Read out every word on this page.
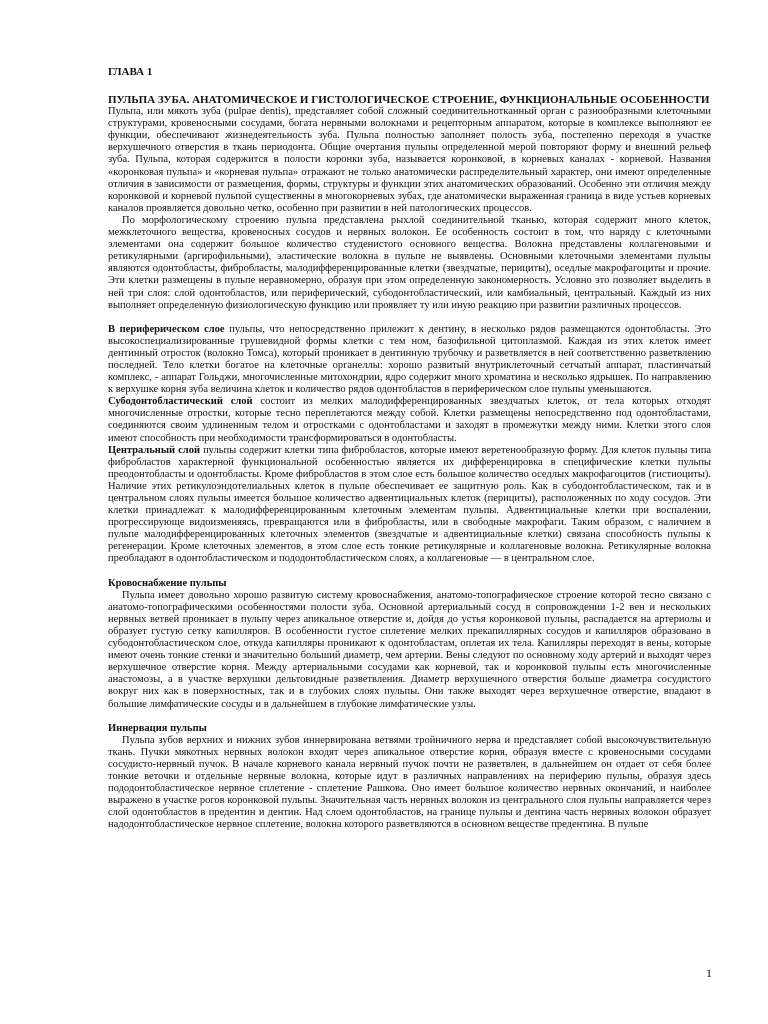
ГЛАВА 1
ПУЛЬПА ЗУБА. АНАТОМИЧЕСКОЕ И ГИСТОЛОГИЧЕСКОЕ СТРОЕНИЕ, ФУНКЦИОНАЛЬНЫЕ ОСОБЕННОСТИ

Пульпа, или мякоть зуба (pulpae dentis), представляет собой сложный соединительнотканный орган с разнообразными клеточными структурами, кровеносными сосудами, богата нервными волокнами и рецепторным аппаратом, которые в комплексе выполняют ее функции, обеспечивают жизнедеятельность зуба. Пульпа полностью заполняет полость зуба, постепенно переходя в участке верхушечного отверстия в ткань периодонта. Общие очертания пульпы определенной мерой повторяют форму и внешний рельеф зуба. Пульпа, которая содержится в полости коронки зуба, называется коронковой, в корневых каналах - корневой. Названия «коронковая пульпа» и «корневая пульпа» отражают не только анатомически распределительный характер, они имеют определенные отличия в зависимости от размещения, формы, структуры и функции этих анатомических образований. Особенно эти отличия между коронковой и корневой пульпой существенны в многокорневых зубах, где анатомически выраженная граница в виде устьев корневых каналов проявляется довольно четко, особенно при развитии в ней патологических процессов.

По морфологическому строению пульпа представлена рыхлой соединительной тканью, которая содержит много клеток, межклеточного вещества, кровеносных сосудов и нервных волокон. Ее особенность состоит в том, что наряду с клеточными элементами она содержит большое количество студенистого основного вещества. Волокна представлены коллагеновыми и ретикулярными (аргирофильными), эластические волокна в пульпе не выявлены. Основными клеточными элементами пульпы являются одонтобласты, фибробласты, малодифференцированные клетки (звездчатые, перициты), оседлые макрофагоциты и прочие. Эти клетки размещены в пульпе неравномерно, образуя при этом определенную закономерность. Условно это позволяет выделить в ней три слоя: слой одонтобластов, или периферический, субодонтобластический, или камбиальный, центральный. Каждый из них выполняет определенную физиологическую функцию или проявляет ту или иную реакцию при развитии различных процессов.

В периферическом слое пульпы, что непосредственно прилежит к дентину, в несколько рядов размещаются одонтобласты. Это высокоспециализированные грушевидной формы клетки с тем ном, базофильной цитоплазмой. Каждая из этих клеток имеет дентинный отросток (волокно Томса), который проникает в дентинную трубочку и разветвляется в ней соответственно разветвлению последней. Тело клетки богатое на клеточные органеллы: хорошо развитый внутриклеточный сетчатый аппарат, пластинчатый комплекс, - аппарат Гольджи, многочисленные митохондрии, ядро содержит много хроматина и несколько ядрышек. По направлению к верхушке корня зуба величина клеток и количество рядов одонтобластов в периферическом слое пульпы уменьшаются.

Субодонтобластический слой состоит из мелких малодифференцированных звездчатых клеток, от тела которых отходят многочисленные отростки, которые тесно переплетаются между собой. Клетки размещены непосредственно под одонтобластами, соединяются своим удлиненным телом и отростками с одонтобластами и заходят в промежутки между ними. Клетки этого слоя имеют способность при необходимости трансформироваться в одонтобласты.

Центральный слой пульпы содержит клетки типа фибробластов, которые имеют веретенообразную форму. Для клеток пульпы типа фибробластов характерной функциональной особенностью является их дифференцировка в специфические клетки пульпы преодонтобласты и одонтобласты. Кроме фибробластов в этом слое есть большое количество оседлых макрофагоцитов (гистиоциты). Наличие этих ретикулоэндотелиальных клеток в пульпе обеспечивает ее защитную роль. Как в субодонтобластическом, так и в центральном слоях пульпы имеется большое количество адвентициальных клеток (перициты), расположенных по ходу сосудов. Эти клетки принадлежат к малодифференцированным клеточным элементам пульпы. Адвентициальные клетки при воспалении, прогрессирующе видоизменяясь, превращаются или в фибробласты, или в свободные макрофаги. Таким образом, с наличием в пульпе малодифференцированных клеточных элементов (звездчатые и адвентициальные клетки) связана способность пульпы к регенерации. Кроме клеточных элементов, в этом слое есть тонкие ретикулярные и коллагеновые волокна. Ретикулярные волокна преобладают в одонтобластическом и пододонтобластическом слоях, а коллагеновые — в центральном слое.

Кровоснабжение пульпы

Пульпа имеет довольно хорошо развитую систему кровоснабжения, анатомо-топографическое строение которой тесно связано с анатомо-топографическими особенностями полости зуба. Основной артериальный сосуд в сопровождении 1-2 вен и нескольких нервных ветвей проникает в пульпу через апикальное отверстие и, дойдя до устья коронковой пульпы, распадается на артериолы и образует густую сетку капилляров. В особенности густое сплетение мелких прекапиллярных сосудов и капилляров образовано в субодонтобластическом слое, откуда капилляры проникают к одонтобластам, оплетая их тела. Капилляры переходят в вены, которые имеют очень тонкие стенки и значительно больший диаметр, чем артерии. Вены следуют по основному ходу артерий и выходят через верхушечное отверстие корня. Между артериальными сосудами как корневой, так и коронковой пульпы есть многочисленные анастомозы, а в участке верхушки дельтовидные разветвления. Диаметр верхушечного отверстия больше диаметра сосудистого вокруг них как в поверхностных, так и в глубоких слоях пульпы. Они также выходят через верхушечное отверстие, впадают в большие лимфатические сосуды и в дальнейшем в глубокие лимфатические узлы.

Иннервация пульпы

Пульпа зубов верхних и нижних зубов иннервирована ветвями тройничного нерва и представляет собой высокочувствительную ткань. Пучки мякотных нервных волокон входят через апикальное отверстие корня, образуя вместе с кровеносными сосудами сосудисто-нервный пучок. В начале корневого канала нервный пучок почти не разветвлен, в дальнейшем он отдает от себя более тонкие веточки и отдельные нервные волокна, которые идут в различных направлениях на периферию пульпы, образуя здесь пододонтобластическое нервное сплетение - сплетение Рашкова. Оно имеет большое количество нервных окончаний, и наиболее выражено в участке рогов коронковой пульпы. Значительная часть нервных волокон из центрального слоя пульпы направляется через слой одонтобластов в предентин и дентин. Над слоем одонтобластов, на границе пульпы и дентина часть нервных волокон образует надодонтобластическое нервное сплетение, волокна которого разветвляются в основном веществе предентина. В пульпе

1
